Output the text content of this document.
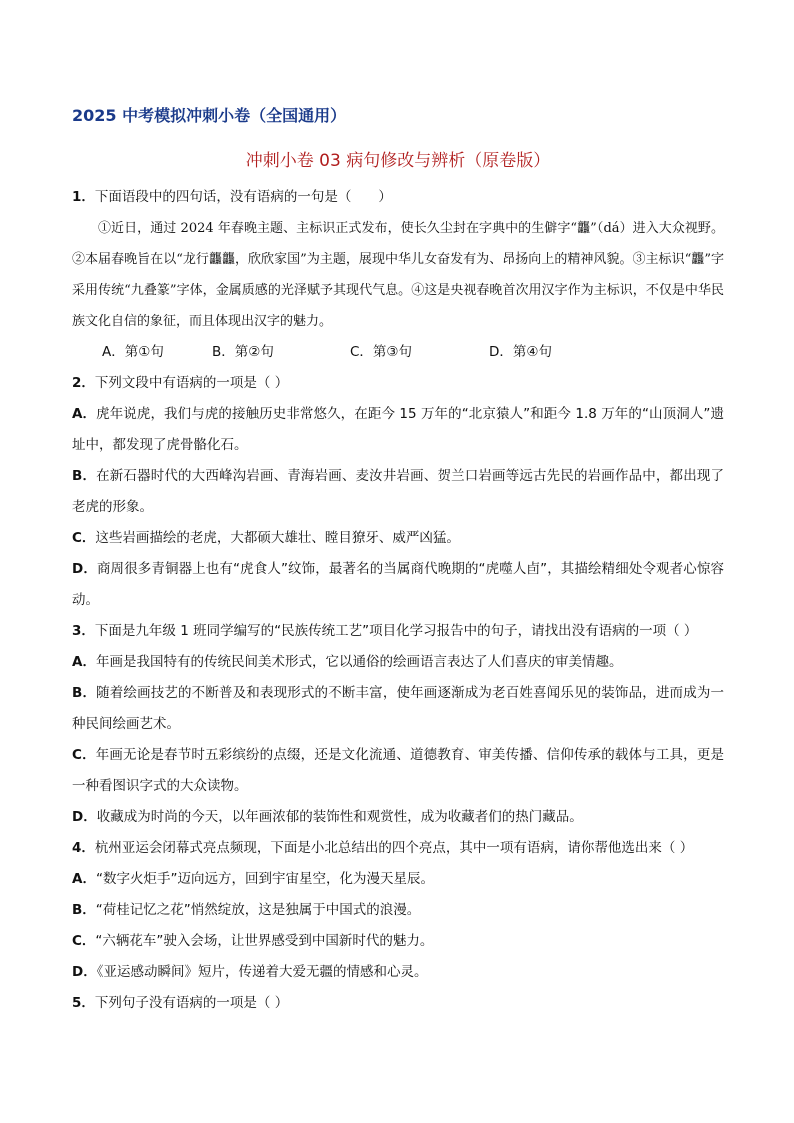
2025 中考模拟冲刺小卷（全国通用）
冲刺小卷 03 病句修改与辨析（原卷版）

1．下面语段中的四句话，没有语病的一句是（　　）

①近日，通过 2024 年春晚主题、主标识正式发布，使长久尘封在字典中的生僻字“龘”（dá）进入大众视野。②本届春晚旨在以“龙行龘龘，欣欣家国”为主题，展现中华儿女奋发有为、昂扬向上的精神风貌。③主标识“龘”字采用传统“九叠篆”字体，金属质感的光泽赋予其现代气息。④这是央视春晚首次用汉字作为主标识，不仅是中华民族文化自信的象征，而且体现出汉字的魅力。

A．第①句	B．第②句	C．第③句	D．第④句

2．下列文段中有语病的一项是（ ）

A．虎年说虎，我们与虎的接触历史非常悠久，在距今 15 万年的“北京猿人”和距今 1.8 万年的“山顶洞人”遗址中，都发现了虎骨骼化石。

B．在新石器时代的大西峰沟岩画、青海岩画、麦汝井岩画、贺兰口岩画等远古先民的岩画作品中，都出现了老虎的形象。

C．这些岩画描绘的老虎，大都硕大雄壮、瞠目獠牙、威严凶猛。

D．商周很多青铜器上也有“虎食人”纹饰，最著名的当属商代晚期的“虎噬人卣”，其描绘精细处令观者心惊容动。

3．下面是九年级 1 班同学编写的“民族传统工艺”项目化学习报告中的句子，请找出没有语病的一项（ ）

A．年画是我国特有的传统民间美术形式，它以通俗的绘画语言表达了人们喜庆的审美情趣。

B．随着绘画技艺的不断普及和表现形式的不断丰富，使年画逐渐成为老百姓喜闻乐见的装饰品，进而成为一种民间绘画艺术。

C．年画无论是春节时五彩缤纷的点缀，还是文化流通、道德教育、审美传播、信仰传承的载体与工具，更是一种看图识字式的大众读物。

D．收藏成为时尚的今天，以年画浓郁的装饰性和观赏性，成为收藏者们的热门藏品。

4．杭州亚运会闭幕式亮点频现，下面是小北总结出的四个亮点，其中一项有语病，请你帮他选出来（ ）

A．“数字火炬手”迈向远方，回到宇宙星空，化为漫天星辰。

B．“荷桂记忆之花”悄然绽放，这是独属于中国式的浪漫。

C．“六辆花车”驶入会场，让世界感受到中国新时代的魅力。

D．《亚运感动瞬间》短片，传递着大爱无疆的情感和心灵。

5．下列句子没有语病的一项是（ ）
